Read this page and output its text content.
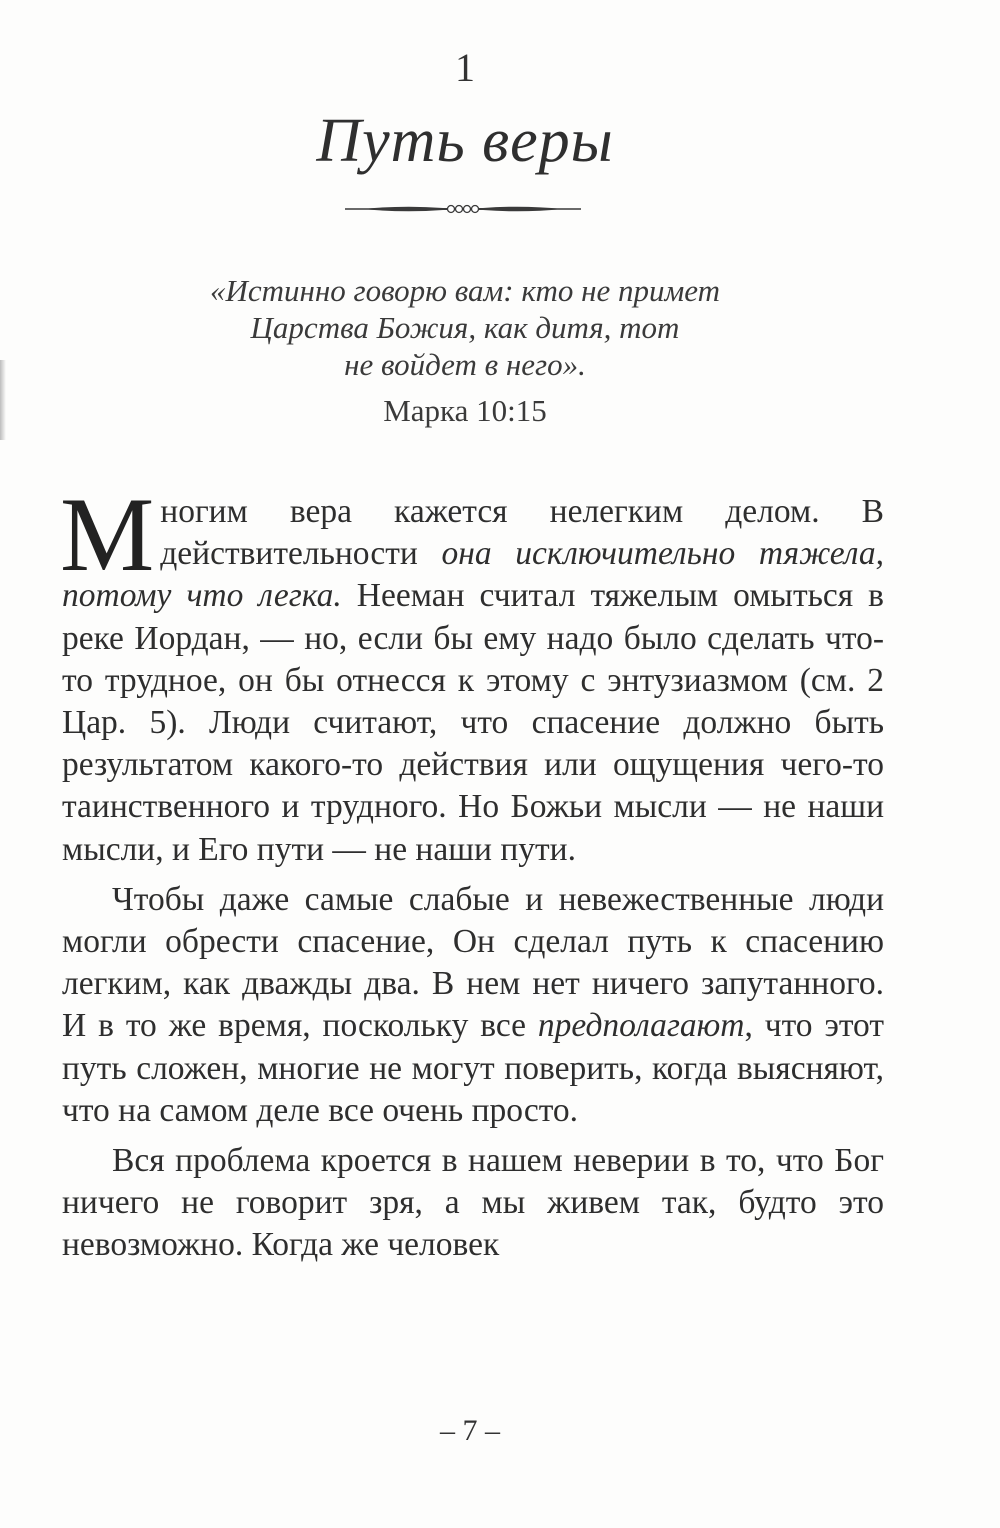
1
Путь веры
«Истинно говорю вам: кто не примет
Царства Божия, как дитя, тот
не войдет в него».
Марка 10:15

Многим вера кажется нелегким делом. В действительности она исключительно тяжела, потому что легка. Нееман считал тяжелым омыться в реке Иордан, — но, если бы ему надо было сделать что-то трудное, он бы отнесся к этому с энтузиазмом (см. 2 Цар. 5). Люди считают, что спасение должно быть результатом какого-то действия или ощущения чего-то таинственного и трудного. Но Божьи мысли — не наши мысли, и Его пути — не наши пути.

Чтобы даже самые слабые и невежественные люди могли обрести спасение, Он сделал путь к спасению легким, как дважды два. В нем нет ничего запутанного. И в то же время, поскольку все предполагают, что этот путь сложен, многие не могут поверить, когда выясняют, что на самом деле все очень просто.

Вся проблема кроется в нашем неверии в то, что Бог ничего не говорит зря, а мы живем так, будто это невозможно. Когда же человек

– 7 –
